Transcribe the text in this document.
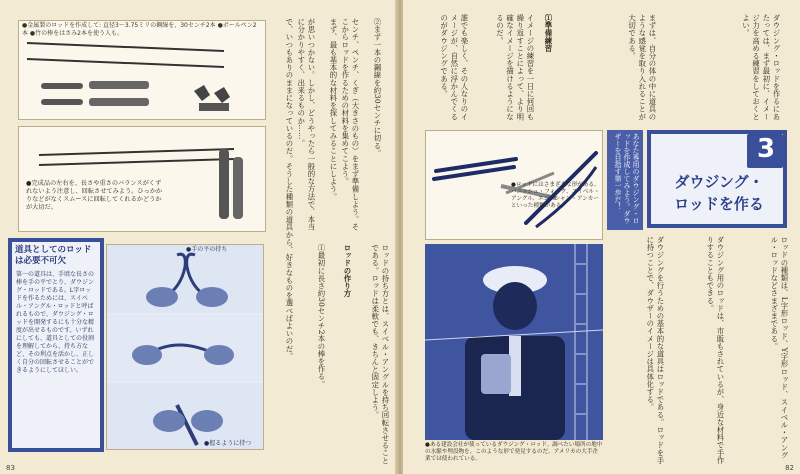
●金属製のロッドを作成して: 直径3〜3.75ミリの鋼線を、30センチ2本 ●ボールペン2本 ●竹の棒をはさみ2本を使う人も。
●完成品の左右を、長さや重さのバランスがくずれないよう注意し、回転させてみよう。ひっかかりなどがなくスムースに回転してくれるかどうかが大切だ。
道具としてのロッドは必要不可欠
第一の道具は、手頃な長さの棒を手の平でとり、ダウジング・ロッドである。L字ロッドを作るためには、スイベル・アングル・ロッドと呼ばれるもので、ダウジング・ロッドを開発するにも十分な精度が出せるものです。いずれにしても、道具としての役割を理解してから、持ち方など、その利点を活かし、正しく自分の回転させることができるようにしてほしい。
●手の平の持ち
●握るように持つ
で、いつもありのままになっているのだ。そうした種類の道具から、好きなものを選べばよいのだ。	が思いつかない。しかし、どうやったら一般的な方法で、本当に分かりやすく、出来るものか……。	まず、最も基本的な材料を探してみることにしよう。	センチ、ペンチ、くぎ（大きさのもの）をまず準備しよう。そこからロッドを作るための材料を集めてこよう。	②まず一本の鋼線を約30センチに切る。
①最初に長さ約30センチ2本の棒を作る。	ロッドの作り方	ロッドの持ち方とは、スイベル・アングルを持ち回転させることである。ロッドは柔軟でも、きちんと固定しよう。
83
誰でも楽しく、その人なりのイメージが、自然に浮かんでくるのがダウジングである。	イメージの練習を一日に何回も繰り返すことによって、より明確なイメージを描けるようになるのだ。	①準備練習	まずは、自分の体の中に道具のような感覚を取り入れることが大切である。	ダウジング・ロッドを作るにあたっては、まず最初に、イメージ力を高める練習をしておくとよい。
●ロッドにはさまざまな形がある。バニッシュ・フォーク、スイベル・アングル、エジプシャン・アンカーといった種類がある。	あなた専用のダウジング・ロッドを作成してみよう。ダウザーを目指す第一歩だ！	3
ダウジング・
ロッドを作る
●ある建設会社が使っているダウジング・ロッド。調べたい場所の地中の水脈や埋設物を、このような形で発見するのだ。アメリカの大手企業では使われている。	ダウジングを行うための基本的な道具はロッドである。ロッドを手に持つことで、ダウザーのイメージは具体化する。	ダウジング用のロッドは、市販もされているが、身近な材料で手作りすることもできる。	ロッドの種類は、L字形ロッド、Y字形ロッド、スイベル・アングル・ロッドなどさまざまである。
82
